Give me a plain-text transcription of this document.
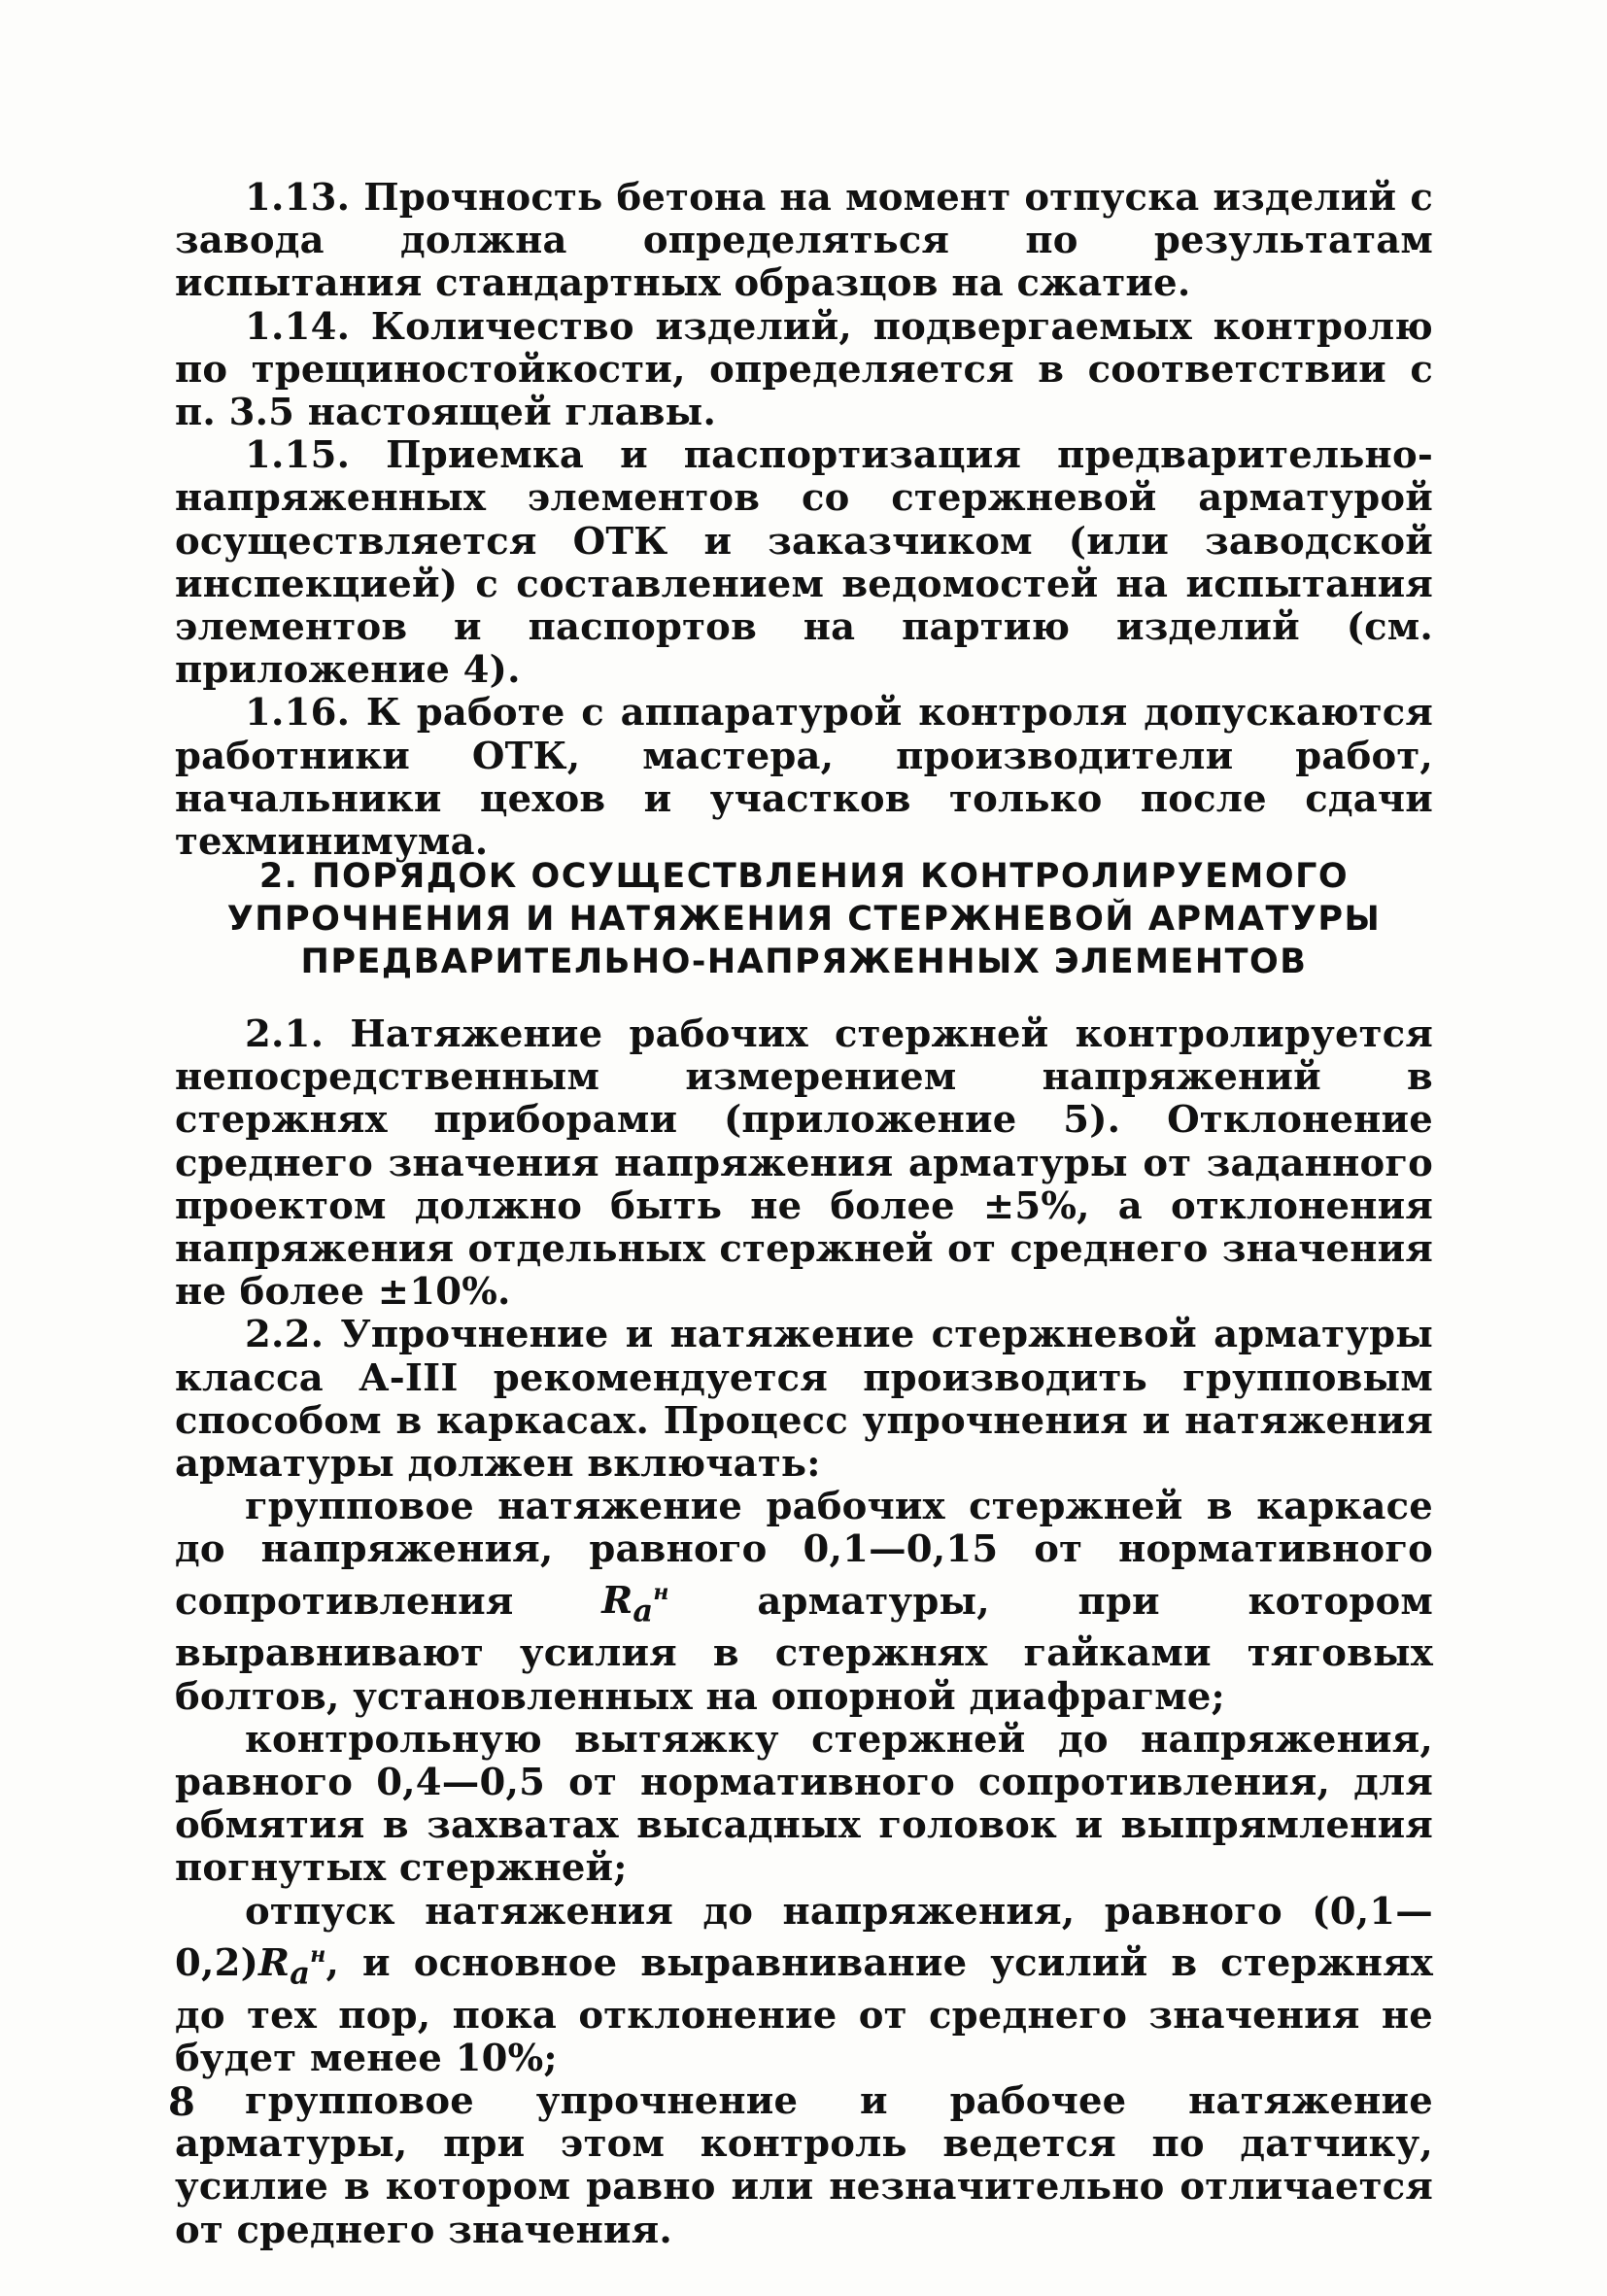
1.13. Прочность бетона на момент отпуска изделий с завода должна определяться по результатам испытания стандартных образцов на сжатие.

1.14. Количество изделий, подвергаемых контролю по трещиностойкости, определяется в соответствии с п. 3.5 настоящей главы.

1.15. Приемка и паспортизация предварительно-напряженных элементов со стержневой арматурой осуществляется ОТК и заказчиком (или заводской инспекцией) с составлением ведомостей на испытания элементов и паспортов на партию изделий (см. приложение 4).

1.16. К работе с аппаратурой контроля допускаются работники ОТК, мастера, производители работ, начальники цехов и участков только после сдачи техминимума.

2. ПОРЯДОК ОСУЩЕСТВЛЕНИЯ КОНТРОЛИРУЕМОГО
УПРОЧНЕНИЯ И НАТЯЖЕНИЯ СТЕРЖНЕВОЙ АРМАТУРЫ
ПРЕДВАРИТЕЛЬНО-НАПРЯЖЕННЫХ ЭЛЕМЕНТОВ

2.1. Натяжение рабочих стержней контролируется непосредственным измерением напряжений в стержнях приборами (приложение 5). Отклонение среднего значения напряжения арматуры от заданного проектом должно быть не более ±5%, а отклонения напряжения отдельных стержней от среднего значения не более ±10%.

2.2. Упрочнение и натяжение стержневой арматуры класса А-III рекомендуется производить групповым способом в каркасах. Процесс упрочнения и натяжения арматуры должен включать:

групповое натяжение рабочих стержней в каркасе до напряжения, равного 0,1—0,15 от нормативного сопротивления $R_а^н$ арматуры, при котором выравнивают усилия в стержнях гайками тяговых болтов, установленных на опорной диафрагме;

контрольную вытяжку стержней до напряжения, равного 0,4—0,5 от нормативного сопротивления, для обмятия в захватах высадных головок и выпрямления погнутых стержней;

отпуск натяжения до напряжения, равного $(0,1—0,2)R_а^н$, и основное выравнивание усилий в стержнях до тех пор, пока отклонение от среднего значения не будет менее 10%;

групповое упрочнение и рабочее натяжение арматуры, при этом контроль ведется по датчику, усилие в котором равно или незначительно отличается от среднего значения.

8
